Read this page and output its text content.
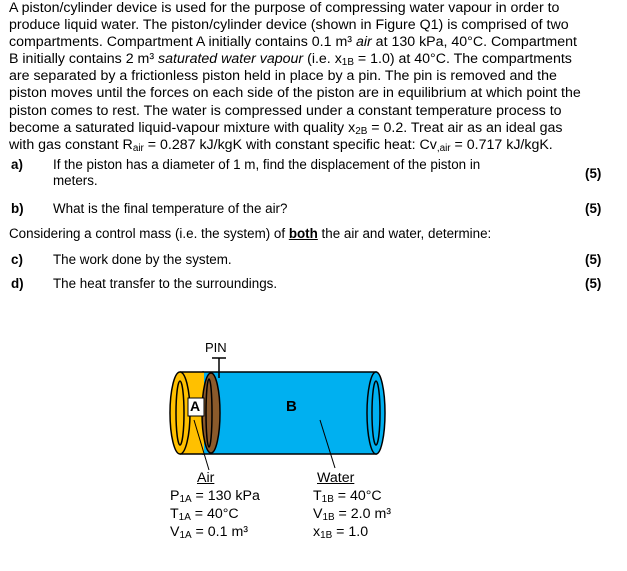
A piston/cylinder device is used for the purpose of compressing water vapour in order to
produce liquid water. The piston/cylinder device (shown in Figure Q1) is comprised of two
compartments. Compartment A initially contains 0.1 m³ air at 130 kPa, 40°C. Compartment
B initially contains 2 m³ saturated water vapour (i.e. $x_{1B} = 1.0$) at 40°C. The compartments
are separated by a frictionless piston held in place by a pin. The pin is removed and the
piston moves until the forces on each side of the piston are in equilibrium at which point the
piston comes to rest. The water is compressed under a constant temperature process to
become a saturated liquid-vapour mixture with quality $x_{2B} = 0.2$. Treat air as an ideal gas
with gas constant $R_{air} = 0.287$ kJ/kgK with constant specific heat: $Cv_{,air} = 0.717$ kJ/kgK.
a) If the piston has a diameter of 1 m, find the displacement of the piston in
meters.	(5)
b) What is the final temperature of the air?	(5)
Considering a control mass (i.e. the system) of both the air and water, determine:
c) The work done by the system.	(5)
d) The heat transfer to the surroundings.	(5)
PIN
A	B
Air
$P_{1A} = 130$ kPa
$T_{1A} = 40^\circ C$
$V_{1A} = 0.1$ m³
Water
$T_{1B} = 40^\circ C$
$V_{1B} = 2.0$ m³
$x_{1B} = 1.0$
